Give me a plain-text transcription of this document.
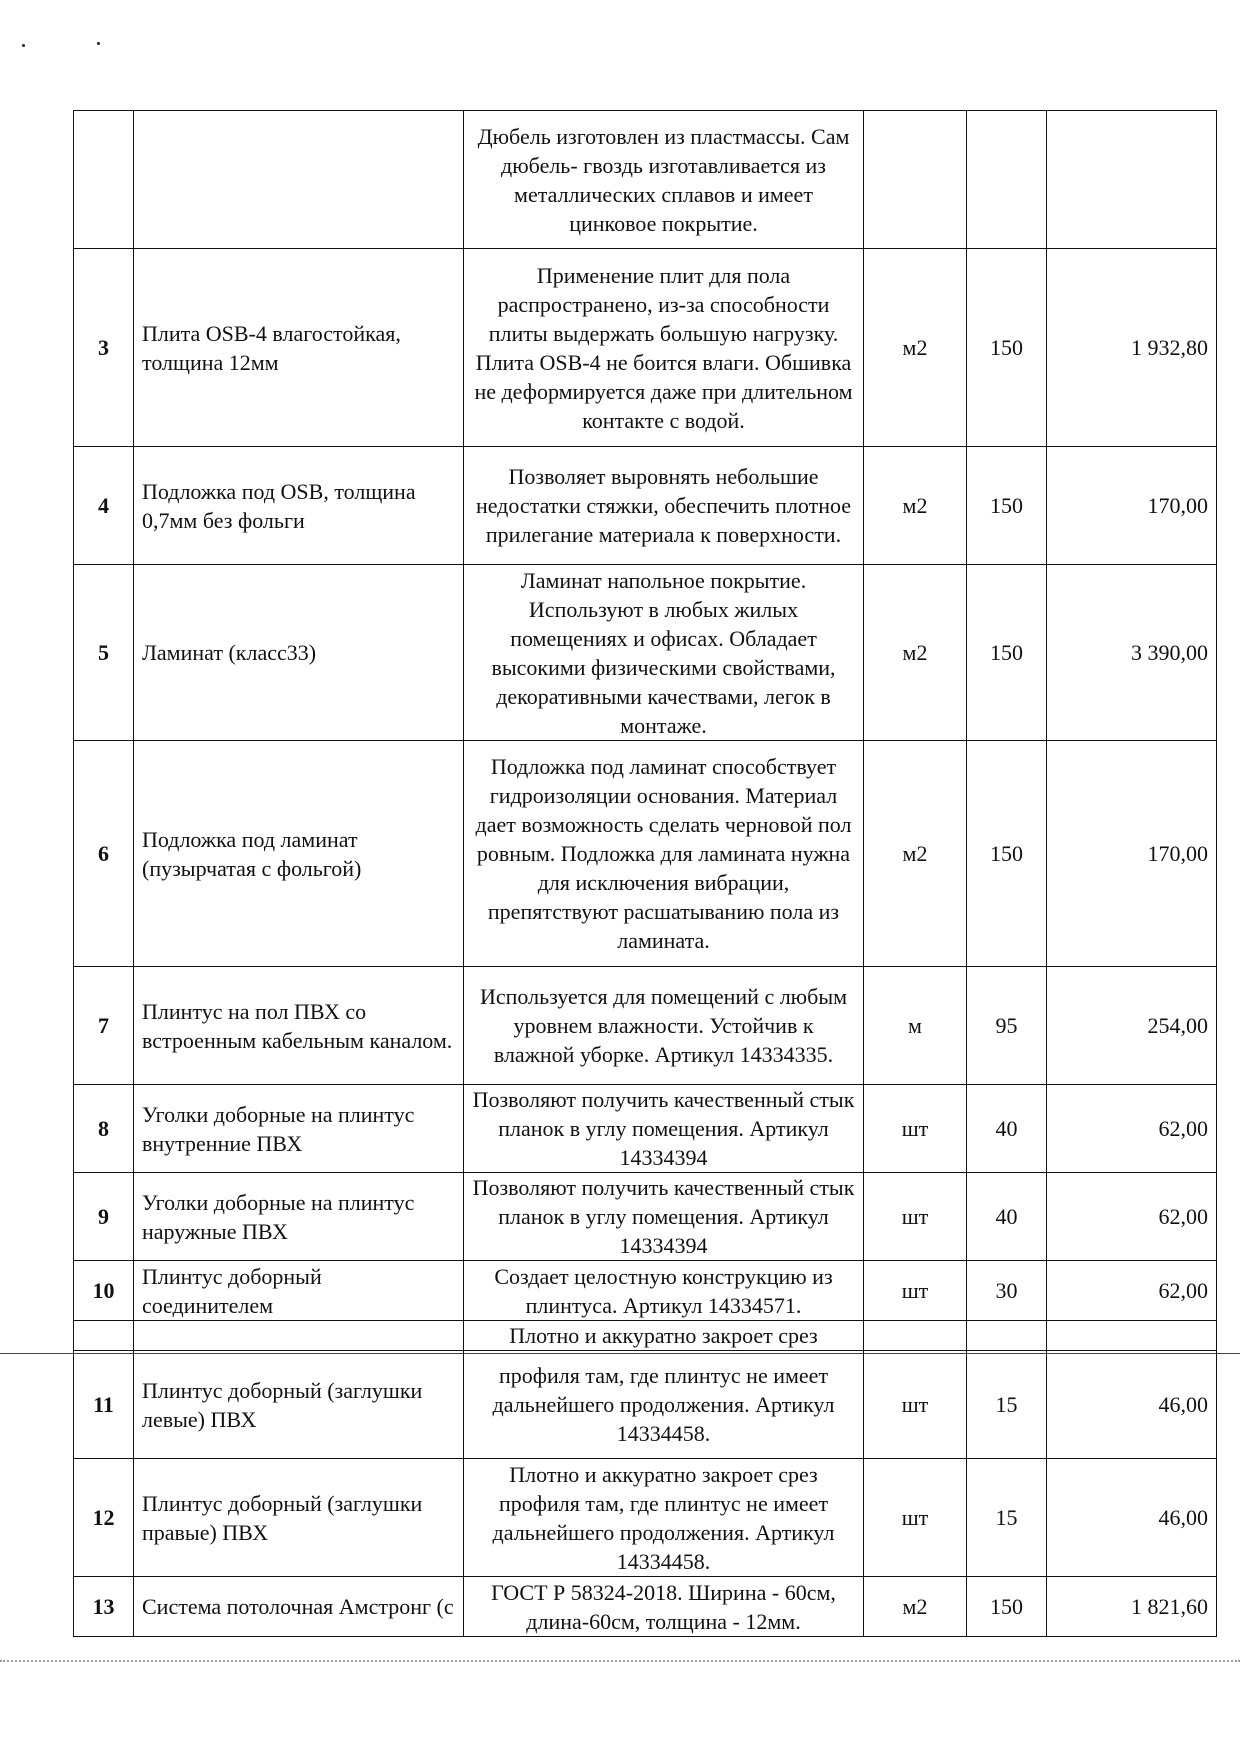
		Дюбель изготовлен из пластмассы. Сам дюбель- гвоздь изготавливается из металлических сплавов и имеет цинковое покрытие.			
3	Плита OSB-4 влагостойкая, толщина 12мм	Применение плит для пола распространено, из-за способности плиты выдержать большую нагрузку. Плита OSB-4 не боится влаги. Обшивка не деформируется даже при длительном контакте с водой.	м2	150	1 932,80
4	Подложка под OSB, толщина 0,7мм без фольги	Позволяет выровнять небольшие недостатки стяжки, обеспечить плотное прилегание материала к поверхности.	м2	150	170,00
5	Ламинат (класс33)	Ламинат напольное покрытие. Используют в любых жилых помещениях и офисах. Обладает высокими физическими свойствами, декоративными качествами, легок в монтаже.	м2	150	3 390,00
6	Подложка под ламинат (пузырчатая с фольгой)	Подложка под ламинат способствует гидроизоляции основания. Материал дает возможность сделать черновой пол ровным. Подложка для ламината нужна для исключения вибрации, препятствуют расшатыванию пола из ламината.	м2	150	170,00
7	Плинтус на пол ПВХ со встроенным кабельным каналом.	Используется для помещений с любым уровнем влажности. Устойчив к влажной уборке. Артикул 14334335.	м	95	254,00
8	Уголки доборные на плинтус внутренние ПВХ	Позволяют получить качественный стык планок в углу помещения. Артикул 14334394	шт	40	62,00
9	Уголки доборные на плинтус наружные ПВХ	Позволяют получить качественный стык планок в углу помещения. Артикул 14334394	шт	40	62,00
10	Плинтус доборный соединителем	Создает целостную конструкцию из плинтуса. Артикул 14334571.	шт	30	62,00
		Плотно и аккуратно закроет срез			
11	Плинтус доборный (заглушки левые) ПВХ	профиля там, где плинтус не имеет дальнейшего продолжения. Артикул 14334458.	шт	15	46,00
12	Плинтус доборный (заглушки правые) ПВХ	Плотно и аккуратно закроет срез профиля там, где плинтус не имеет дальнейшего продолжения. Артикул 14334458.	шт	15	46,00
13	Система потолочная Амстронг (с	ГОСТ Р 58324-2018. Ширина - 60см, длина-60см, толщина - 12мм.	м2	150	1 821,60
